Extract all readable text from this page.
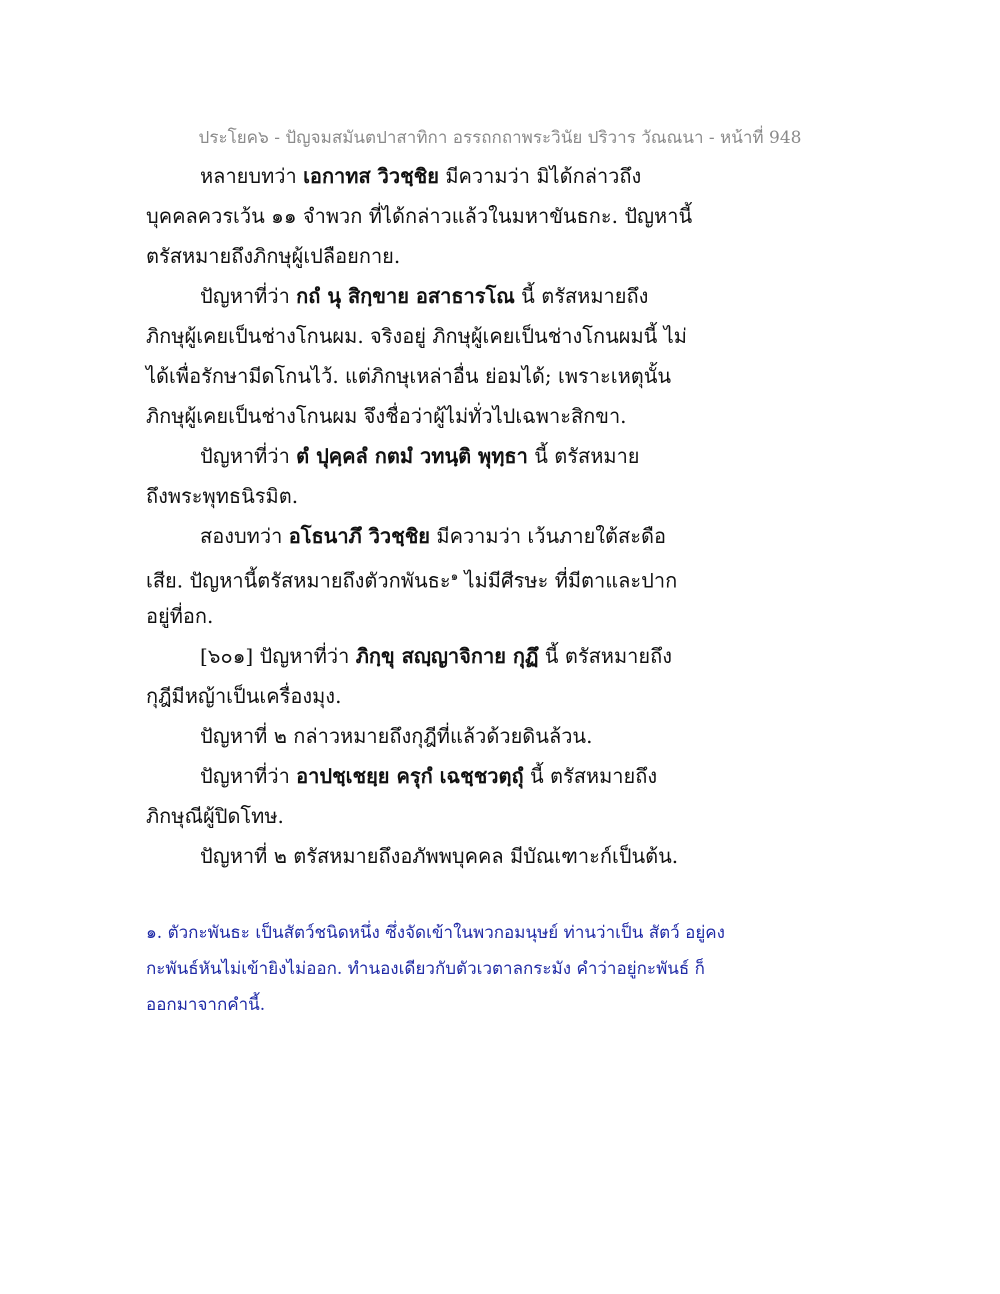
ประโยค๖ - ปัญจมสมันตปาสาทิกา อรรถกถาพระวินัย ปริวาร วัณณนา - หน้าที่ 948
หลายบทว่า เอกาทส วิวชฺชิย มีความว่า มิได้กล่าวถึง
บุคคลควรเว้น ๑๑ จำพวก ที่ได้กล่าวแล้วในมหาขันธกะ. ปัญหานี้
ตรัสหมายถึงภิกษุผู้เปลือยกาย.
ปัญหาที่ว่า กถํ นุ สิกฺขาย อสาธารโณ นี้ ตรัสหมายถึง
ภิกษุผู้เคยเป็นช่างโกนผม. จริงอยู่ ภิกษุผู้เคยเป็นช่างโกนผมนี้ ไม่
ได้เพื่อรักษามีดโกนไว้. แต่ภิกษุเหล่าอื่น ย่อมได้; เพราะเหตุนั้น
ภิกษุผู้เคยเป็นช่างโกนผม จึงชื่อว่าผู้ไม่ทั่วไปเฉพาะสิกขา.
ปัญหาที่ว่า ตํ ปุคฺคลํ กตมํ วทนฺติ พุทฺธา นี้ ตรัสหมาย
ถึงพระพุทธนิรมิต.
สองบทว่า อโธนาภึ วิวชฺชิย มีความว่า เว้นภายใต้สะดือ
เสีย. ปัญหานี้ตรัสหมายถึงตัวกพันธะ$^๑$ ไม่มีศีรษะ ที่มีตาและปาก
อยู่ที่อก.
[๖๐๑] ปัญหาที่ว่า ภิกฺขุ สญฺญาจิกาย กุฏึ นี้ ตรัสหมายถึง
กุฎีมีหญ้าเป็นเครื่องมุง.
ปัญหาที่ ๒ กล่าวหมายถึงกุฎีที่แล้วด้วยดินล้วน.
ปัญหาที่ว่า อาปชฺเชยฺย ครุกํ เฉชฺชวตฺถุํ นี้ ตรัสหมายถึง
ภิกษุณีผู้ปิดโทษ.
ปัญหาที่ ๒ ตรัสหมายถึงอภัพพบุคคล มีบัณเฑาะก์เป็นต้น.
๑. ตัวกะพันธะ เป็นสัตว์ชนิดหนึ่ง ซึ่งจัดเข้าในพวกอมนุษย์ ท่านว่าเป็น สัตว์ อยู่คง
กะพันธ์หันไม่เข้ายิงไม่ออก. ทำนองเดียวกับตัวเวตาลกระมัง คำว่าอยู่กะพันธ์ ก็
ออกมาจากคำนี้.
